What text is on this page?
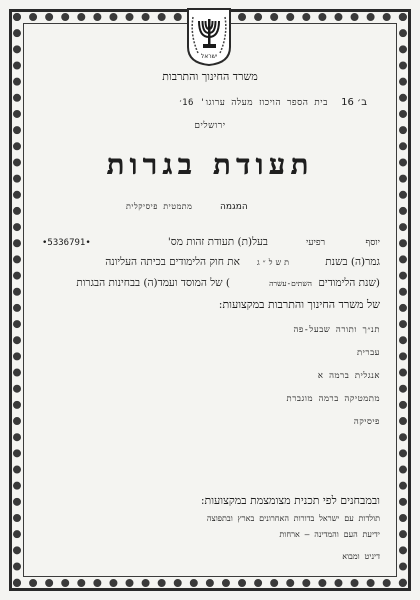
ישראל
משרד החינוך והתרבות
ב׳ 16
בית הספר הויכוז מעלה ערוגו' 16׳
ירושלים
תעודת בגרות
המגמה
מתמטית פיסיקלית
יוסף
רפיעי
בעל(ת) תעודת זהות מס'
•5336791•
גמר(ה) בשנת
תשל״ג
את חוק הלימודים בכיתה העליונה
(שנת הלימודים
השתים-עשרה
) של המוסד ועמד(ה) בבחינות הבגרות
של משרד החינוך והתרבות במקצועות:
תנ״ך ותורה שבעל-פה
עברית
אנגלית ברמה א
מתמטיקה ברמה מוגברת
פיסיקה
ובמבחנים לפי תכנית מצומצמת במקצועות:
תולדות עם ישראל בדורות האחרונים בארץ ובתפוצה
ידיעת העם והמדינה – ארחות
דיניט ומבוא
